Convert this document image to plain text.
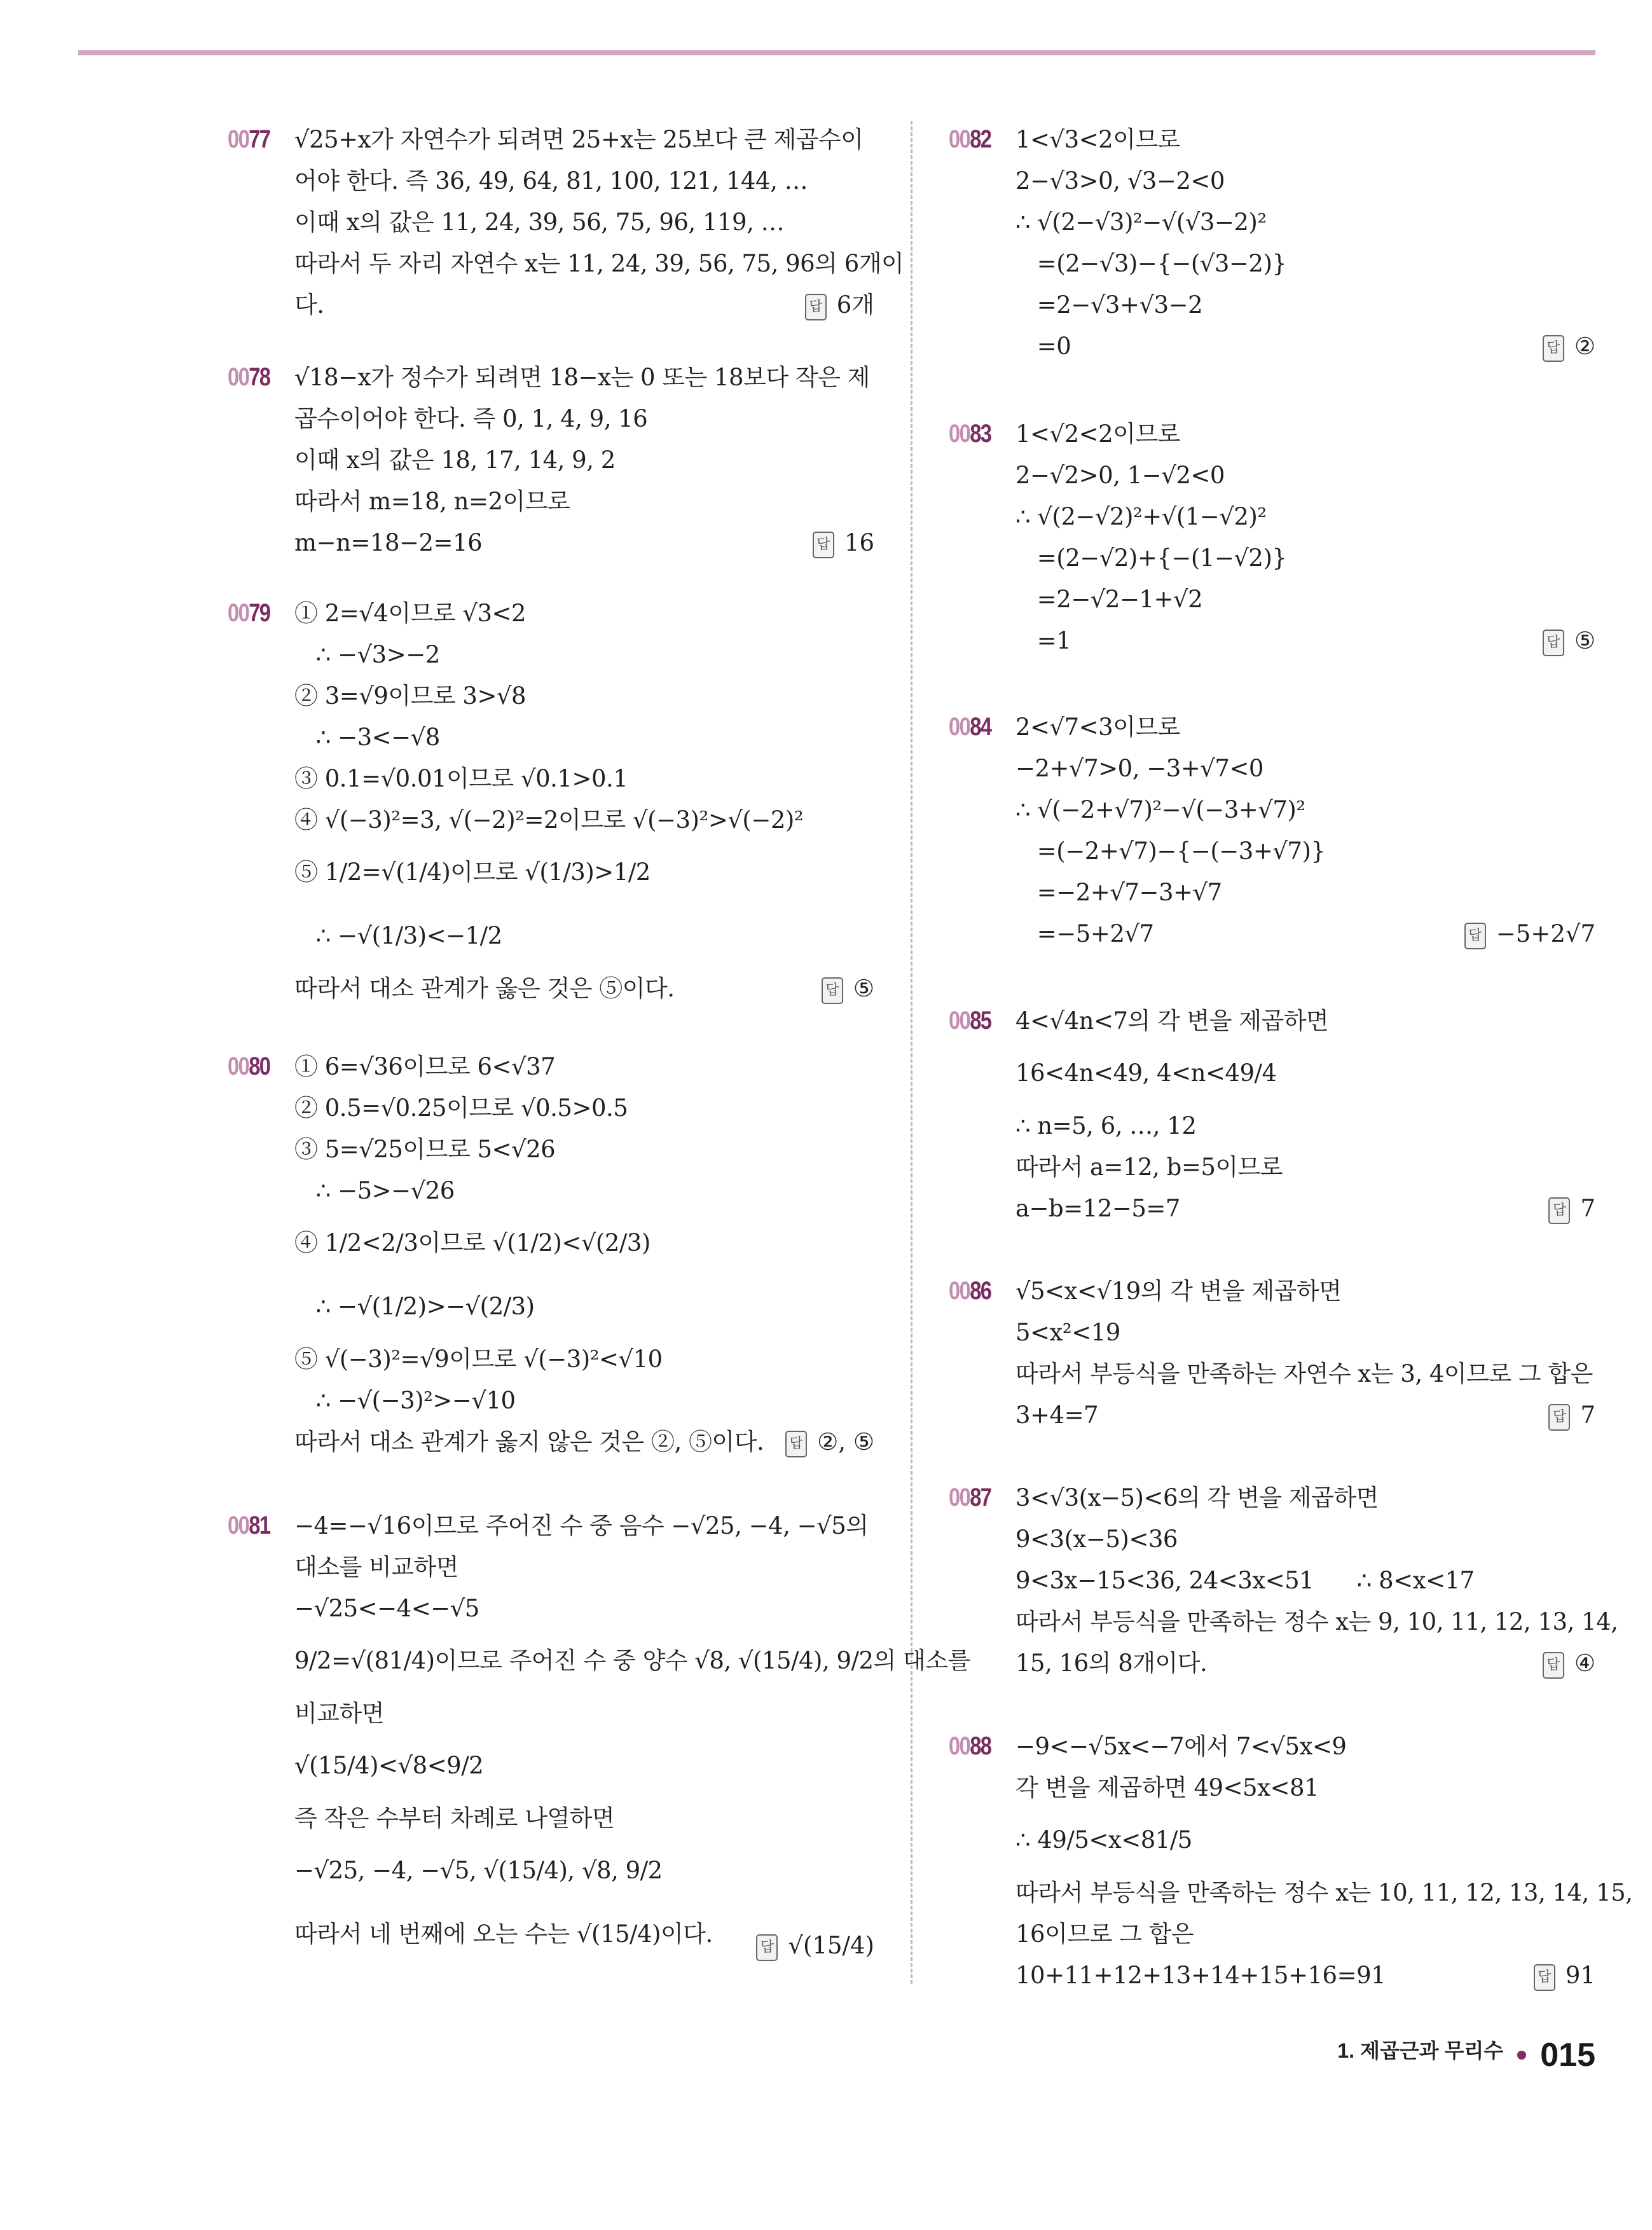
0077 √25+x가 자연수가 되려면 25+x는 25보다 큰 제곱수이
어야 한다. 즉 36, 49, 64, 81, 100, 121, 144, …
이때 x의 값은 11, 24, 39, 56, 75, 96, 119, …
따라서 두 자리 자연수 x는 11, 24, 39, 56, 75, 96의 6개이
다.	답 6개
0078 √18−x가 정수가 되려면 18−x는 0 또는 18보다 작은 제
곱수이어야 한다. 즉 0, 1, 4, 9, 16
이때 x의 값은 18, 17, 14, 9, 2
따라서 m=18, n=2이므로
m−n=18−2=16	답 16
0079 ① 2=√4이므로 √3<2
∴ −√3>−2
② 3=√9이므로 3>√8
∴ −3<−√8
③ 0.1=√0.01이므로 √0.1>0.1
④ √(−3)²=3, √(−2)²=2이므로 √(−3)²>√(−2)²
⑤ 1/2=√(1/4)이므로 √(1/3)>1/2
∴ −√(1/3)<−1/2
따라서 대소 관계가 옳은 것은 ⑤이다.	답 ⑤
0080 ① 6=√36이므로 6<√37
② 0.5=√0.25이므로 √0.5>0.5
③ 5=√25이므로 5<√26
∴ −5>−√26
④ 1/2<2/3이므로 √(1/2)<√(2/3)
∴ −√(1/2)>−√(2/3)
⑤ √(−3)²=√9이므로 √(−3)²<√10
∴ −√(−3)²>−√10
따라서 대소 관계가 옳지 않은 것은 ②, ⑤이다.	답 ②, ⑤
0081 −4=−√16이므로 주어진 수 중 음수 −√25, −4, −√5의
대소를 비교하면
−√25<−4<−√5
9/2=√(81/4)이므로 주어진 수 중 양수 √8, √(15/4), 9/2의 대소를
비교하면
√(15/4)<√8<9/2
즉 작은 수부터 차례로 나열하면
−√25, −4, −√5, √(15/4), √8, 9/2
따라서 네 번째에 오는 수는 √(15/4)이다.	답 √(15/4)
0082 1<√3<2이므로
2−√3>0, √3−2<0
∴ √(2−√3)²−√(√3−2)²
=(2−√3)−{−(√3−2)}
=2−√3+√3−2
=0	답 ②
0083 1<√2<2이므로
2−√2>0, 1−√2<0
∴ √(2−√2)²+√(1−√2)²
=(2−√2)+{−(1−√2)}
=2−√2−1+√2
=1	답 ⑤
0084 2<√7<3이므로
−2+√7>0, −3+√7<0
∴ √(−2+√7)²−√(−3+√7)²
=(−2+√7)−{−(−3+√7)}
=−2+√7−3+√7
=−5+2√7	답 −5+2√7
0085 4<√4n<7의 각 변을 제곱하면
16<4n<49, 4<n<49/4
∴ n=5, 6, …, 12
따라서 a=12, b=5이므로
a−b=12−5=7	답 7
0086 √5<x<√19의 각 변을 제곱하면
5<x²<19
따라서 부등식을 만족하는 자연수 x는 3, 4이므로 그 합은
3+4=7	답 7
0087 3<√3(x−5)<6의 각 변을 제곱하면
9<3(x−5)<36
9<3x−15<36, 24<3x<51      ∴ 8<x<17
따라서 부등식을 만족하는 정수 x는 9, 10, 11, 12, 13, 14,
15, 16의 8개이다.	답 ④
0088 −9<−√5x<−7에서 7<√5x<9
각 변을 제곱하면 49<5x<81
∴ 49/5<x<81/5
따라서 부등식을 만족하는 정수 x는 10, 11, 12, 13, 14, 15,
16이므로 그 합은
10+11+12+13+14+15+16=91	답 91
1. 제곱근과 무리수 015
